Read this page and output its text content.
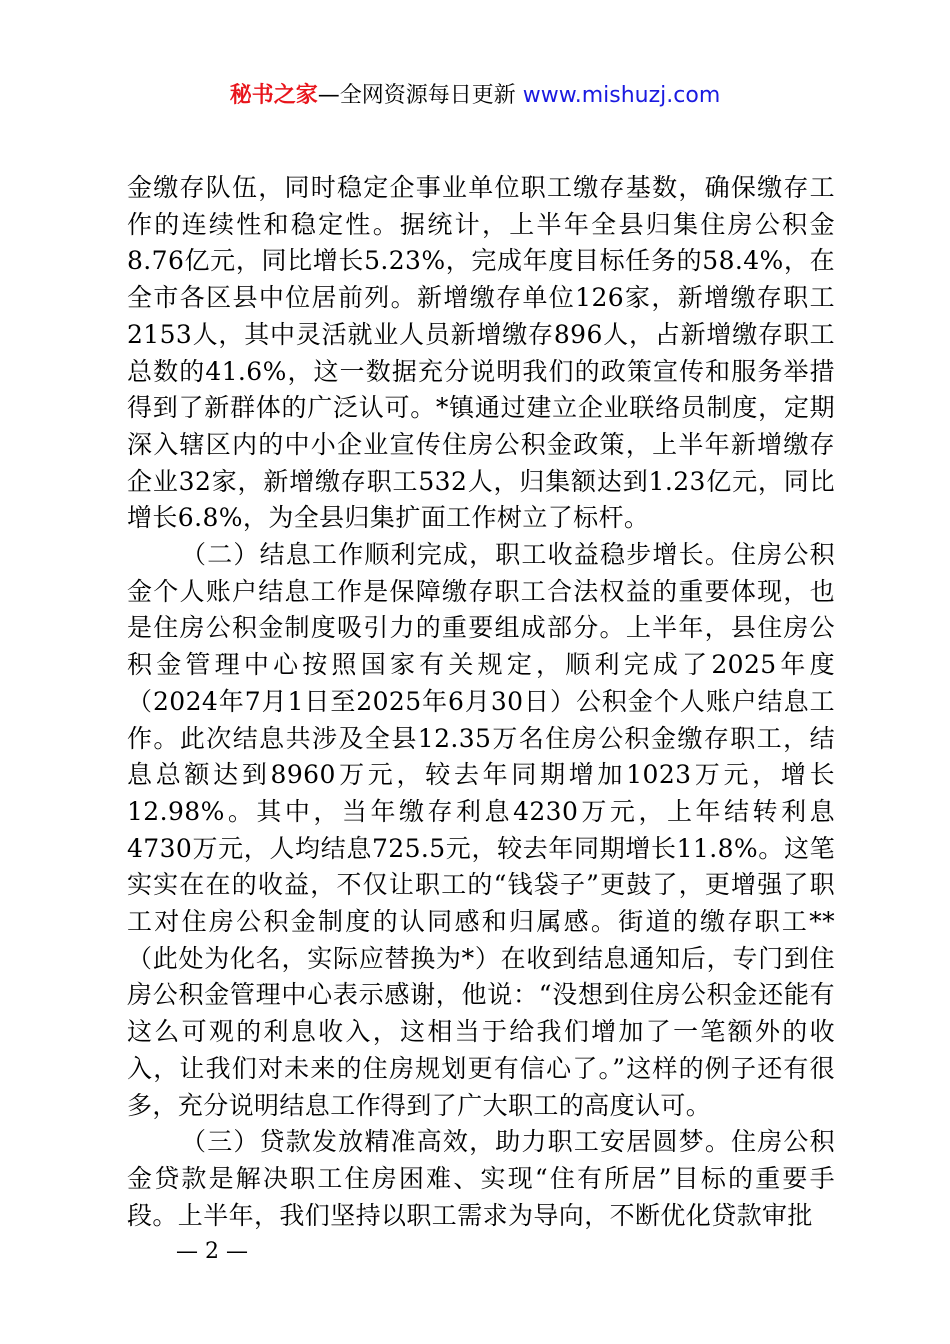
秘书之家—全网资源每日更新 www.mishuzj.com

金缴存队伍，同时稳定企事业单位职工缴存基数，确保缴存工作的连续性和稳定性。据统计，上半年全县归集住房公积金8.76亿元，同比增长5.23%，完成年度目标任务的58.4%，在全市各区县中位居前列。新增缴存单位126家，新增缴存职工2153人，其中灵活就业人员新增缴存896人，占新增缴存职工总数的41.6%，这一数据充分说明我们的政策宣传和服务举措得到了新群体的广泛认可。*镇通过建立企业联络员制度，定期深入辖区内的中小企业宣传住房公积金政策，上半年新增缴存企业32家，新增缴存职工532人，归集额达到1.23亿元，同比增长6.8%，为全县归集扩面工作树立了标杆。

（二）结息工作顺利完成，职工收益稳步增长。住房公积金个人账户结息工作是保障缴存职工合法权益的重要体现，也是住房公积金制度吸引力的重要组成部分。上半年，县住房公积金管理中心按照国家有关规定，顺利完成了2025年度（2024年7月1日至2025年6月30日）公积金个人账户结息工作。此次结息共涉及全县12.35万名住房公积金缴存职工，结息总额达到8960万元，较去年同期增加1023万元，增长12.98%。其中，当年缴存利息4230万元，上年结转利息4730万元，人均结息725.5元，较去年同期增长11.8%。这笔实实在在的收益，不仅让职工的“钱袋子”更鼓了，更增强了职工对住房公积金制度的认同感和归属感。街道的缴存职工**（此处为化名，实际应替换为*）在收到结息通知后，专门到住房公积金管理中心表示感谢，他说：“没想到住房公积金还能有这么可观的利息收入，这相当于给我们增加了一笔额外的收入，让我们对未来的住房规划更有信心了。”这样的例子还有很多，充分说明结息工作得到了广大职工的高度认可。

（三）贷款发放精准高效，助力职工安居圆梦。住房公积金贷款是解决职工住房困难、实现“住有所居”目标的重要手段。上半年，我们坚持以职工需求为导向，不断优化贷款审批

— 2 —
